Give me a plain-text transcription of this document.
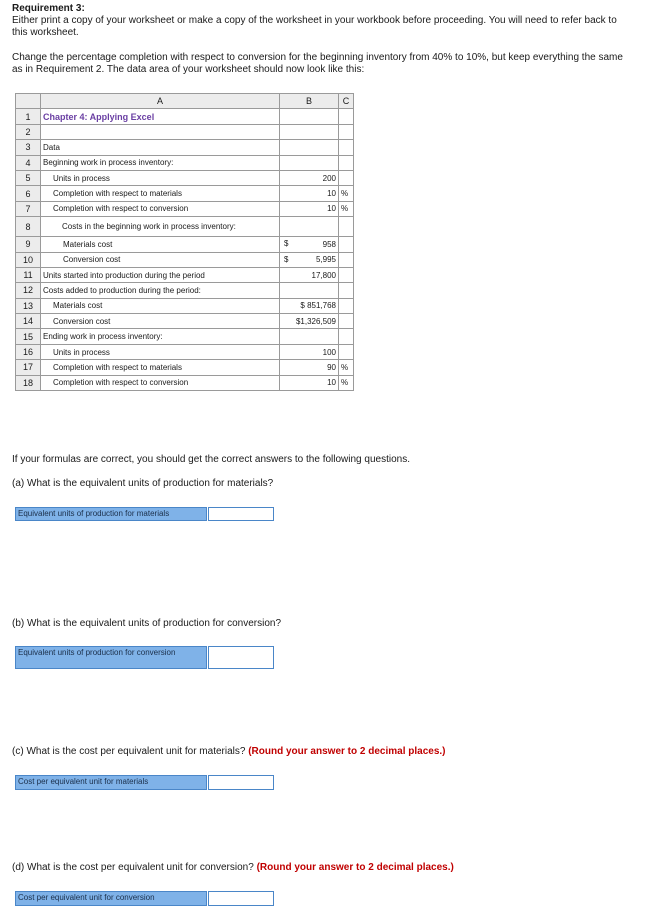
Requirement 3:
Either print a copy of your worksheet or make a copy of the worksheet in your workbook before proceeding. You will need to refer back to this worksheet.
Change the percentage completion with respect to conversion for the beginning inventory from 40% to 10%, but keep everything the same as in Requirement 2. The data area of your worksheet should now look like this:
	A	B	C
1	Chapter 4: Applying Excel	

2		

3	Data	

4	Beginning work in process inventory:	

5	Units in process	200	

6	Completion with respect to materials	10	%
7	Completion with respect to conversion	10	%
8	Costs in the beginning work in process inventory:	

9	Materials cost	$ 958	

10	Conversion cost	$ 5,995	

11	Units started into production during the period	17,800	

12	Costs added to production during the period:	

13	Materials cost	$ 851,768	

14	Conversion cost	$1,326,509	

15	Ending work in process inventory:	

16	Units in process	100	

17	Completion with respect to materials	90	%
18	Completion with respect to conversion	10	%
If your formulas are correct, you should get the correct answers to the following questions.
(a) What is the equivalent units of production for materials?
Equivalent units of production for materials
(b) What is the equivalent units of production for conversion?
Equivalent units of production for conversion
(c) What is the cost per equivalent unit for materials? (Round your answer to 2 decimal places.)
Cost per equivalent unit for materials
(d) What is the cost per equivalent unit for conversion? (Round your answer to 2 decimal places.)
Cost per equivalent unit for conversion
